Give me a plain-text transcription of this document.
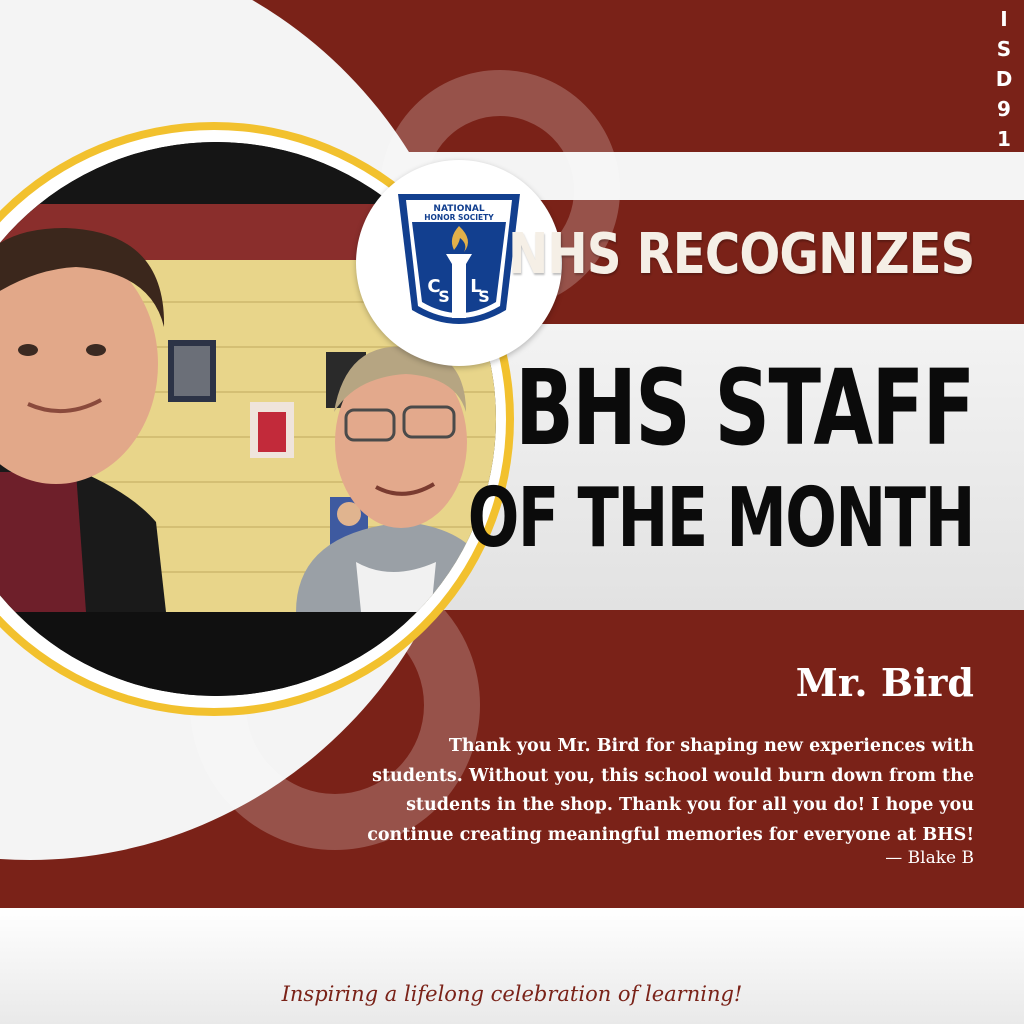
I
S
D
9
1
C
S L
S
NATIONAL
HONOR SOCIETY
NHS RECOGNIZES
BHS STAFF
OF THE MONTH
Mr. Bird
Thank you Mr. Bird for shaping new experiences with students. Without you, this school would burn down from the students in the shop. Thank you for all you do! I hope you continue creating meaningful memories for everyone at BHS!
— Blake B
Inspiring a lifelong celebration of learning!
